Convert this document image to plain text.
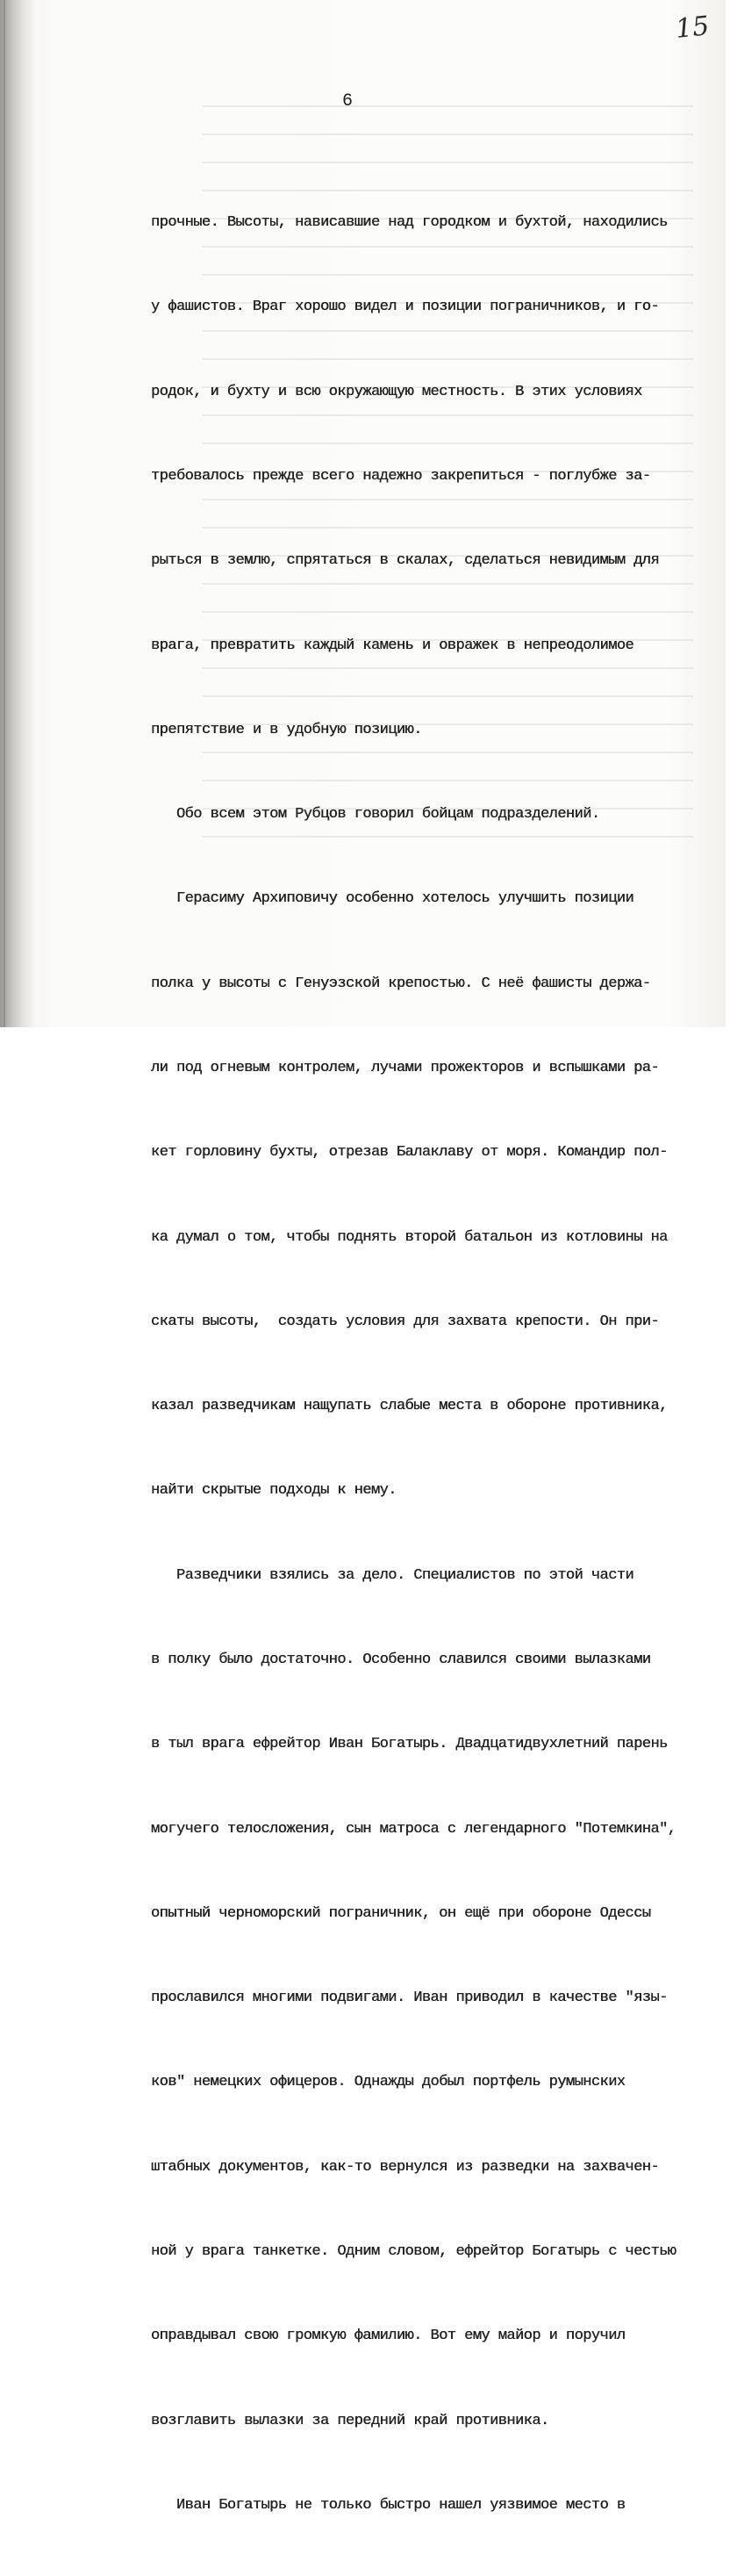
15
6

прочные. Высоты, нависавшие над городком и бухтой, находились

у фашистов. Враг хорошо видел и позиции пограничников, и го-

родок, и бухту и всю окружающую местность. В этих условиях

требовалось прежде всего надежно закрепиться - поглубже за-

рыться в землю, спрятаться в скалах, сделаться невидимым для

врага, превратить каждый камень и овражек в непреодолимое

препятствие и в удобную позицию.

Обо всем этом Рубцов говорил бойцам подразделений.

Герасиму Архиповичу особенно хотелось улучшить позиции

полка у высоты с Генуэзской крепостью. С неё фашисты держа-

ли под огневым контролем, лучами прожекторов и вспышками ра-

кет горловину бухты, отрезав Балаклаву от моря. Командир пол-

ка думал о том, чтобы поднять второй батальон из котловины на

скаты высоты,  создать условия для захвата крепости. Он при-

казал разведчикам нащупать слабые места в обороне противника,

найти скрытые подходы к нему.

Разведчики взялись за дело. Специалистов по этой части

в полку было достаточно. Особенно славился своими вылазками

в тыл врага ефрейтор Иван Богатырь. Двадцатидвухлетний парень

могучего телосложения, сын матроса с легендарного "Потемкина",

опытный черноморский пограничник, он ещё при обороне Одессы

прославился многими подвигами. Иван приводил в качестве "язы-

ков" немецких офицеров. Однажды добыл портфель румынских

штабных документов, как-то вернулся из разведки на захвачен-

ной у врага танкетке. Одним словом, ефрейтор Богатырь с честью

оправдывал свою громкую фамилию. Вот ему майор и поручил

возглавить вылазки за передний край противника.

Иван Богатырь не только быстро нашел уязвимое место в
